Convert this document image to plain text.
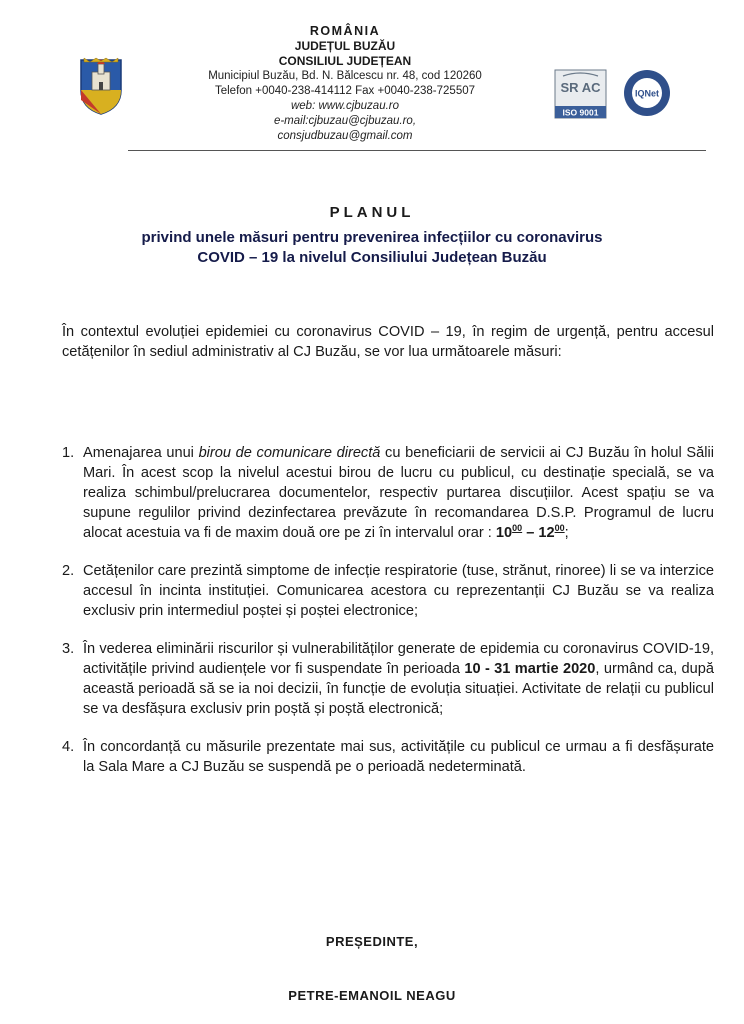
ROMÂNIA

JUDEȚUL BUZĂU

CONSILIUL JUDEȚEAN

Municipiul Buzău, Bd. N. Bălcescu nr. 48, cod 120260

Telefon +0040-238-414112 Fax +0040-238-725507

web: www.cjbuzau.ro

e-mail:cjbuzau@cjbuzau.ro,

consjudbuzau@gmail.com

SR AC
ISO 9001
IQNet

PLANUL

privind unele măsuri pentru prevenirea infecțiilor cu coronavirus
COVID – 19 la nivelul Consiliului Județean Buzău

În contextul evoluției epidemiei cu coronavirus COVID – 19, în regim de urgență, pentru accesul cetățenilor în sediul administrativ al CJ Buzău, se vor lua următoarele măsuri:

1. Amenajarea unui birou de comunicare directă cu beneficiarii de servicii ai CJ Buzău în holul Sălii Mari. În acest scop la nivelul acestui birou de lucru cu publicul, cu destinație specială, se va realiza schimbul/prelucrarea documentelor, respectiv purtarea discuțiilor. Acest spațiu se va supune regulilor privind dezinfectarea prevăzute în recomandarea D.S.P. Programul de lucru alocat acestuia va fi de maxim două ore pe zi în intervalul orar : $10^{00} - 12^{00}$;
2. Cetățenilor care prezintă simptome de infecție respiratorie (tuse, strănut, rinoree) li se va interzice accesul în incinta instituției. Comunicarea acestora cu reprezentanții CJ Buzău se va realiza exclusiv prin intermediul poștei și poștei electronice;
3. În vederea eliminării riscurilor și vulnerabilităților generate de epidemia cu coronavirus COVID-19, activitățile privind audiențele vor fi suspendate în perioada 10 - 31 martie 2020, urmând ca, după această perioadă să se ia noi decizii, în funcție de evoluția situației. Activitate de relații cu publicul se va desfășura exclusiv prin poștă și poștă electronică;
4. În concordanță cu măsurile prezentate mai sus, activitățile cu publicul ce urmau a fi desfășurate la Sala Mare a CJ Buzău se suspendă pe o perioadă nedeterminată.

PREȘEDINTE,

PETRE-EMANOIL NEAGU
